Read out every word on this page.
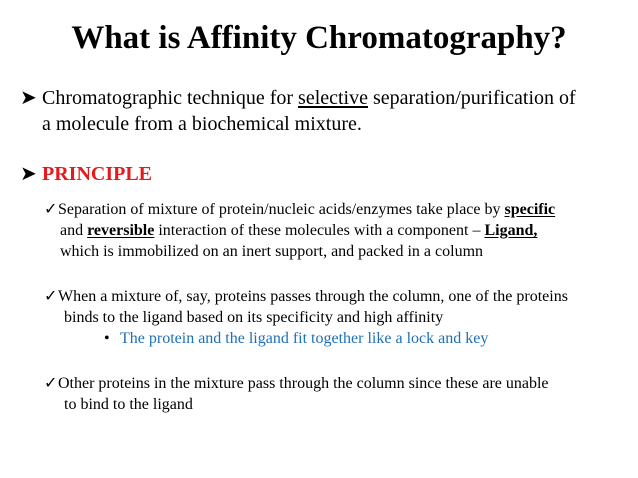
What is Affinity Chromatography?
➤ Chromatographic technique for selective separation/purification of
a molecule from a biochemical mixture.
➤ PRINCIPLE
✓Separation of mixture of protein/nucleic acids/enzymes take place by specific
and reversible interaction of these molecules with a component – Ligand,
which is immobilized on an inert support, and packed in a column
✓When a mixture of, say, proteins passes through the column, one of the proteins
binds to the ligand based on its specificity and high affinity
• The protein and the ligand fit together like a lock and key
✓Other proteins in the mixture pass through the column since these are unable
to bind to the ligand
